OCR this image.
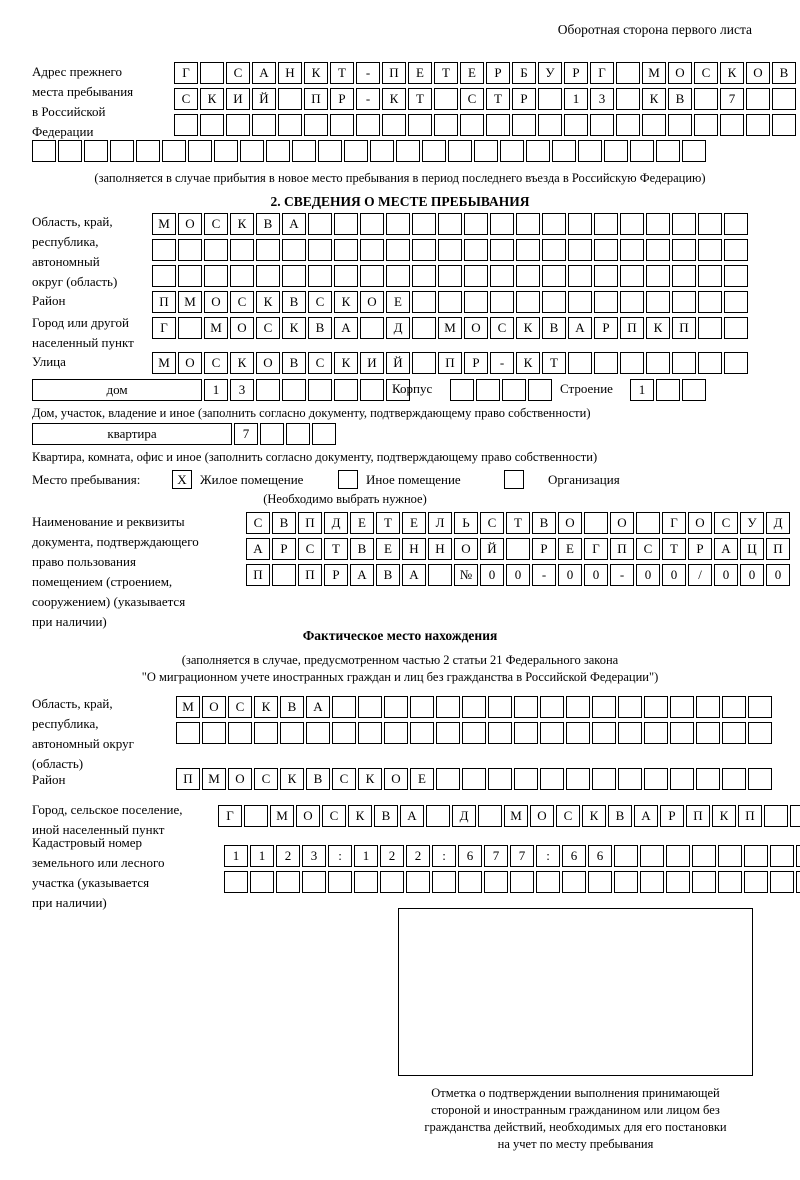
Оборотная сторона первого листа
Адрес прежнего
места пребывания
в Российской
Федерации
Г	С	А	Н	К	Т	-	П	Е	Т	Е	Р	Б	У	Р	Г	М	О	С	К	О	В
С	К	И	Й	П	Р	-	К	Т	С	Т	Р	1	3	К	В	7
(заполняется в случае прибытия в новое место пребывания в период последнего въезда в Российскую Федерацию)
2. СВЕДЕНИЯ О МЕСТЕ ПРЕБЫВАНИЯ
Область, край,
республика,
автономный
округ (область)
М	О	С	К	В	А
Район	П	М	О	С	К	В	С	К	О	Е
Город или другой
населенный пункт
Г	М	О	С	К	В	А	Д	М	О	С	К	В	А	Р	П	К	П
Улица	М	О	С	К	О	В	С	К	И	Й	П	Р	-	К	Т
дом	1	3	Корпус	Строение	1
Дом, участок, владение и иное (заполнить согласно документу, подтверждающему право собственности)
квартира	7
Квартира, комната, офис и иное (заполнить согласно документу, подтверждающему право собственности)
Место пребывания:	X	Жилое помещение	Иное помещение	Организация
(Необходимо выбрать нужное)
Наименование и реквизиты
документа, подтверждающего
право пользования
помещением (строением,
сооружением) (указывается
при наличии)
С	В	П	Д	Е	Т	Е	Л	Ь	С	Т	В	О	О	Г	О	С	У	Д
А	Р	С	Т	В	Е	Н	Н	О	Й	Р	Е	Г	П	С	Т	Р	А	Ц	П
П	П	Р	А	В	А	№	0	0	-	0	0	-	0	0	/	0	0	0
Фактическое место нахождения
(заполняется в случае, предусмотренном частью 2 статьи 21 Федерального закона
"О миграционном учете иностранных граждан и лиц без гражданства в Российской Федерации")
Область, край,
республика,
автономный округ
(область)
М	О	С	К	В	А
Район	П	М	О	С	К	В	С	К	О	Е
Город, сельское поселение,
иной населенный пункт
Г	М	О	С	К	В	А	Д	М	О	С	К	В	А	Р	П	К	П
Кадастровый номер
земельного или лесного
участка (указывается
при наличии)
1	1	2	3	:	1	2	2	:	6	7	7	:	6	6
Отметка о подтверждении выполнения принимающей
стороной и иностранным гражданином или лицом без
гражданства действий, необходимых для его постановки
на учет по месту пребывания
